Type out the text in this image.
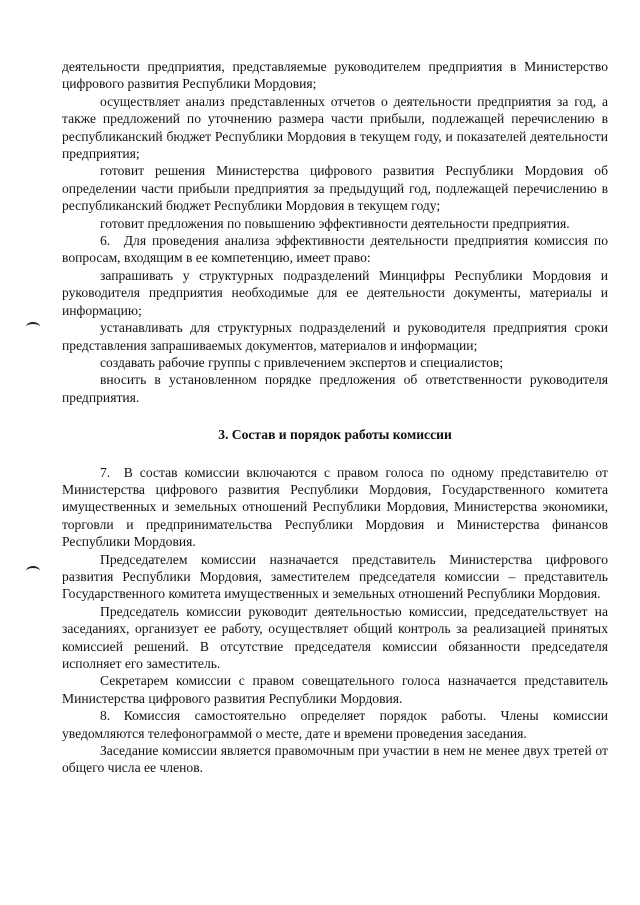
деятельности предприятия, представляемые руководителем предприятия в Министерство цифрового развития Республики Мордовия;

осуществляет анализ представленных отчетов о деятельности предприятия за год, а также предложений по уточнению размера части прибыли, подлежащей перечислению в республиканский бюджет Республики Мордовия в текущем году, и показателей деятельности предприятия;

готовит решения Министерства цифрового развития Республики Мордовия об определении части прибыли предприятия за предыдущий год, подлежащей перечислению в республиканский бюджет Республики Мордовия в текущем году;

готовит предложения по повышению эффективности деятельности предприятия.

6. Для проведения анализа эффективности деятельности предприятия комиссия по вопросам, входящим в ее компетенцию, имеет право:

запрашивать у структурных подразделений Минцифры Республики Мордовия и руководителя предприятия необходимые для ее деятельности документы, материалы и информацию;

устанавливать для структурных подразделений и руководителя предприятия сроки представления запрашиваемых документов, материалов и информации;

создавать рабочие группы с привлечением экспертов и специалистов;

вносить в установленном порядке предложения об ответственности руководителя предприятия.

3. Состав и порядок работы комиссии

7. В состав комиссии включаются с правом голоса по одному представителю от Министерства цифрового развития Республики Мордовия, Государственного комитета имущественных и земельных отношений Республики Мордовия, Министерства экономики, торговли и предпринимательства Республики Мордовия и Министерства финансов Республики Мордовия.

Председателем комиссии назначается представитель Министерства цифрового развития Республики Мордовия, заместителем председателя комиссии – представитель Государственного комитета имущественных и земельных отношений Республики Мордовия.

Председатель комиссии руководит деятельностью комиссии, председательствует на заседаниях, организует ее работу, осуществляет общий контроль за реализацией принятых комиссией решений. В отсутствие председателя комиссии обязанности председателя исполняет его заместитель.

Секретарем комиссии с правом совещательного голоса назначается представитель Министерства цифрового развития Республики Мордовия.

8. Комиссия самостоятельно определяет порядок работы. Члены комиссии уведомляются телефонограммой о месте, дате и времени проведения заседания.

Заседание комиссии является правомочным при участии в нем не менее двух третей от общего числа ее членов.
